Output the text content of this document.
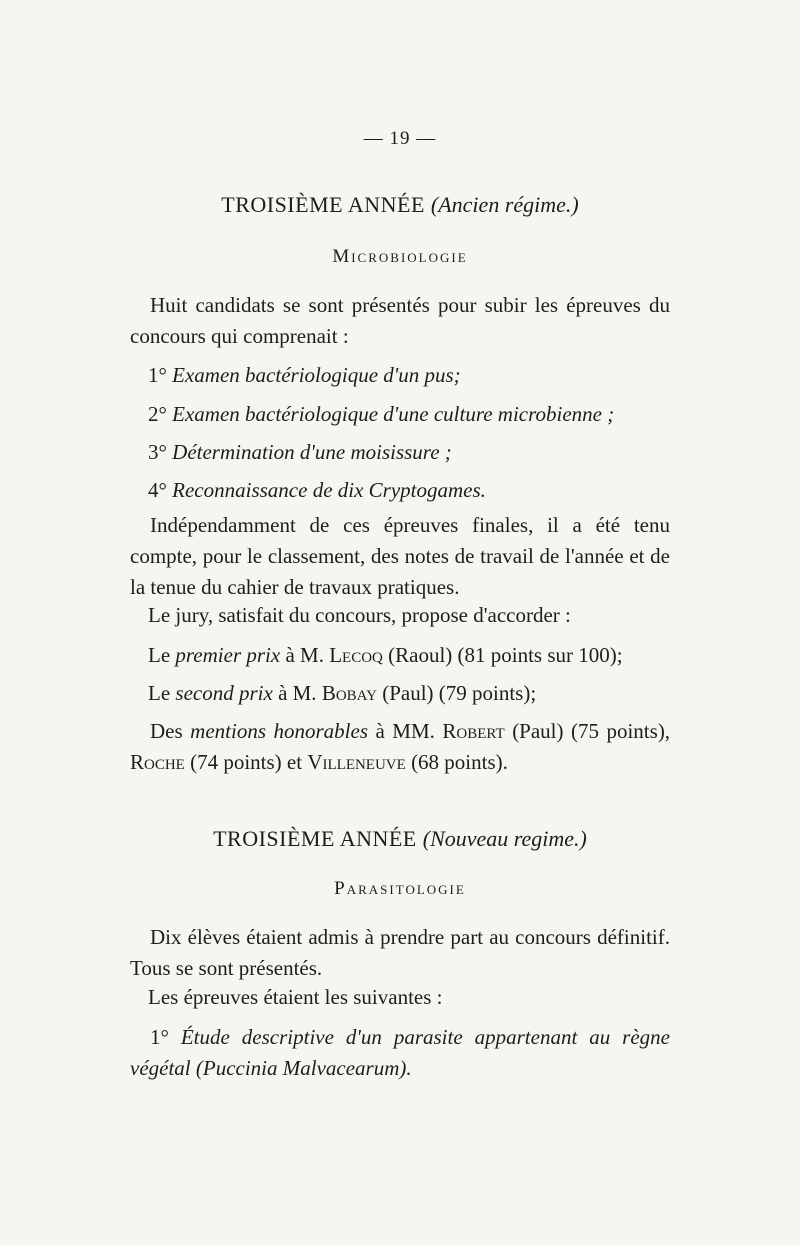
— 19 —
TROISIÈME ANNÉE (Ancien régime.)
Microbiologie

Huit candidats se sont présentés pour subir les épreuves du concours qui comprenait :

1° Examen bactériologique d'un pus;
2° Examen bactériologique d'une culture microbienne ;
3° Détermination d'une moisissure ;
4° Reconnaissance de dix Cryptogames.

Indépendamment de ces épreuves finales, il a été tenu compte, pour le classement, des notes de travail de l'année et de la tenue du cahier de travaux pratiques.

Le jury, satisfait du concours, propose d'accorder :
Le premier prix à M. Lecoq (Raoul) (81 points sur 100);
Le second prix à M. Bobay (Paul) (79 points);

Des mentions honorables à MM. Robert (Paul) (75 points), Roche (74 points) et Villeneuve (68 points).

TROISIÈME ANNÉE (Nouveau regime.)
Parasitologie

Dix élèves étaient admis à prendre part au concours définitif. Tous se sont présentés.

Les épreuves étaient les suivantes :

1° Étude descriptive d'un parasite appartenant au règne végétal (Puccinia Malvacearum).
